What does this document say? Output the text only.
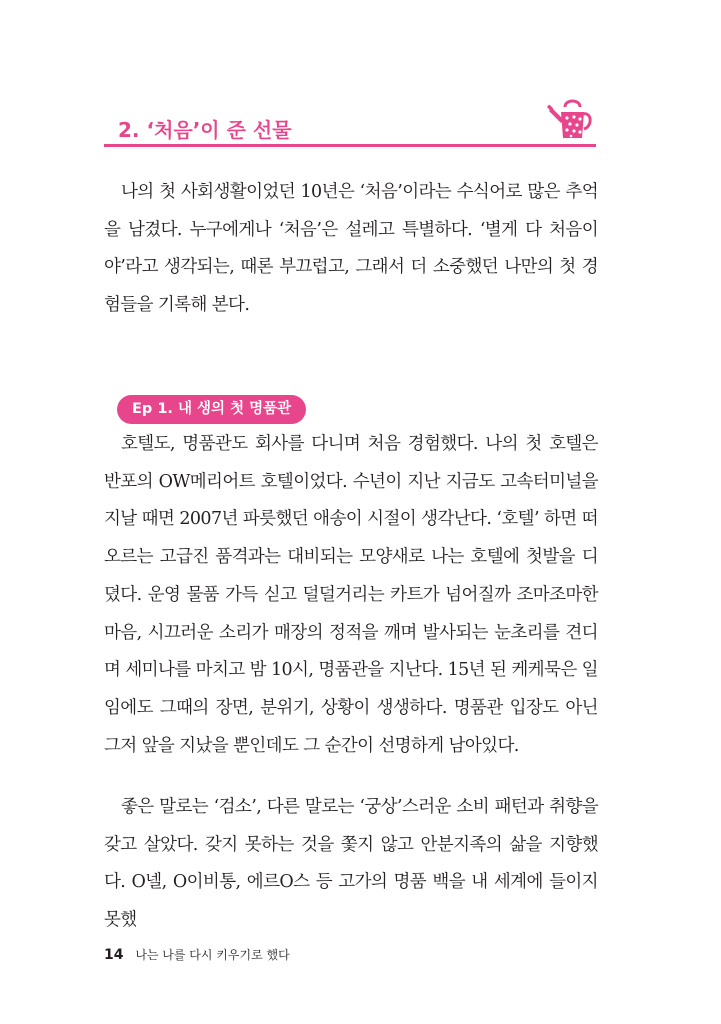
2. ‘처음’이 준 선물

나의 첫 사회생활이었던 10년은 ‘처음’이라는 수식어로 많은 추억을 남겼다. 누구에게나 ‘처음’은 설레고 특별하다. ‘별게 다 처음이야’라고 생각되는, 때론 부끄럽고, 그래서 더 소중했던 나만의 첫 경험들을 기록해 본다.

Ep 1. 내 생의 첫 명품관

호텔도, 명품관도 회사를 다니며 처음 경험했다. 나의 첫 호텔은 반포의 OW메리어트 호텔이었다. 수년이 지난 지금도 고속터미널을 지날 때면 2007년 파릇했던 애송이 시절이 생각난다. ‘호텔’ 하면 떠오르는 고급진 품격과는 대비되는 모양새로 나는 호텔에 첫발을 디뎠다. 운영 물품 가득 싣고 덜덜거리는 카트가 넘어질까 조마조마한 마음, 시끄러운 소리가 매장의 정적을 깨며 발사되는 눈초리를 견디며 세미나를 마치고 밤 10시, 명품관을 지난다. 15년 된 케케묵은 일임에도 그때의 장면, 분위기, 상황이 생생하다. 명품관 입장도 아닌 그저 앞을 지났을 뿐인데도 그 순간이 선명하게 남아있다.

좋은 말로는 ‘검소’, 다른 말로는 ‘궁상’스러운 소비 패턴과 취향을 갖고 살았다. 갖지 못하는 것을 쫓지 않고 안분지족의 삶을 지향했다. O넬, O이비통, 에르O스 등 고가의 명품 백을 내 세계에 들이지 못했

14 나는 나를 다시 키우기로 했다
